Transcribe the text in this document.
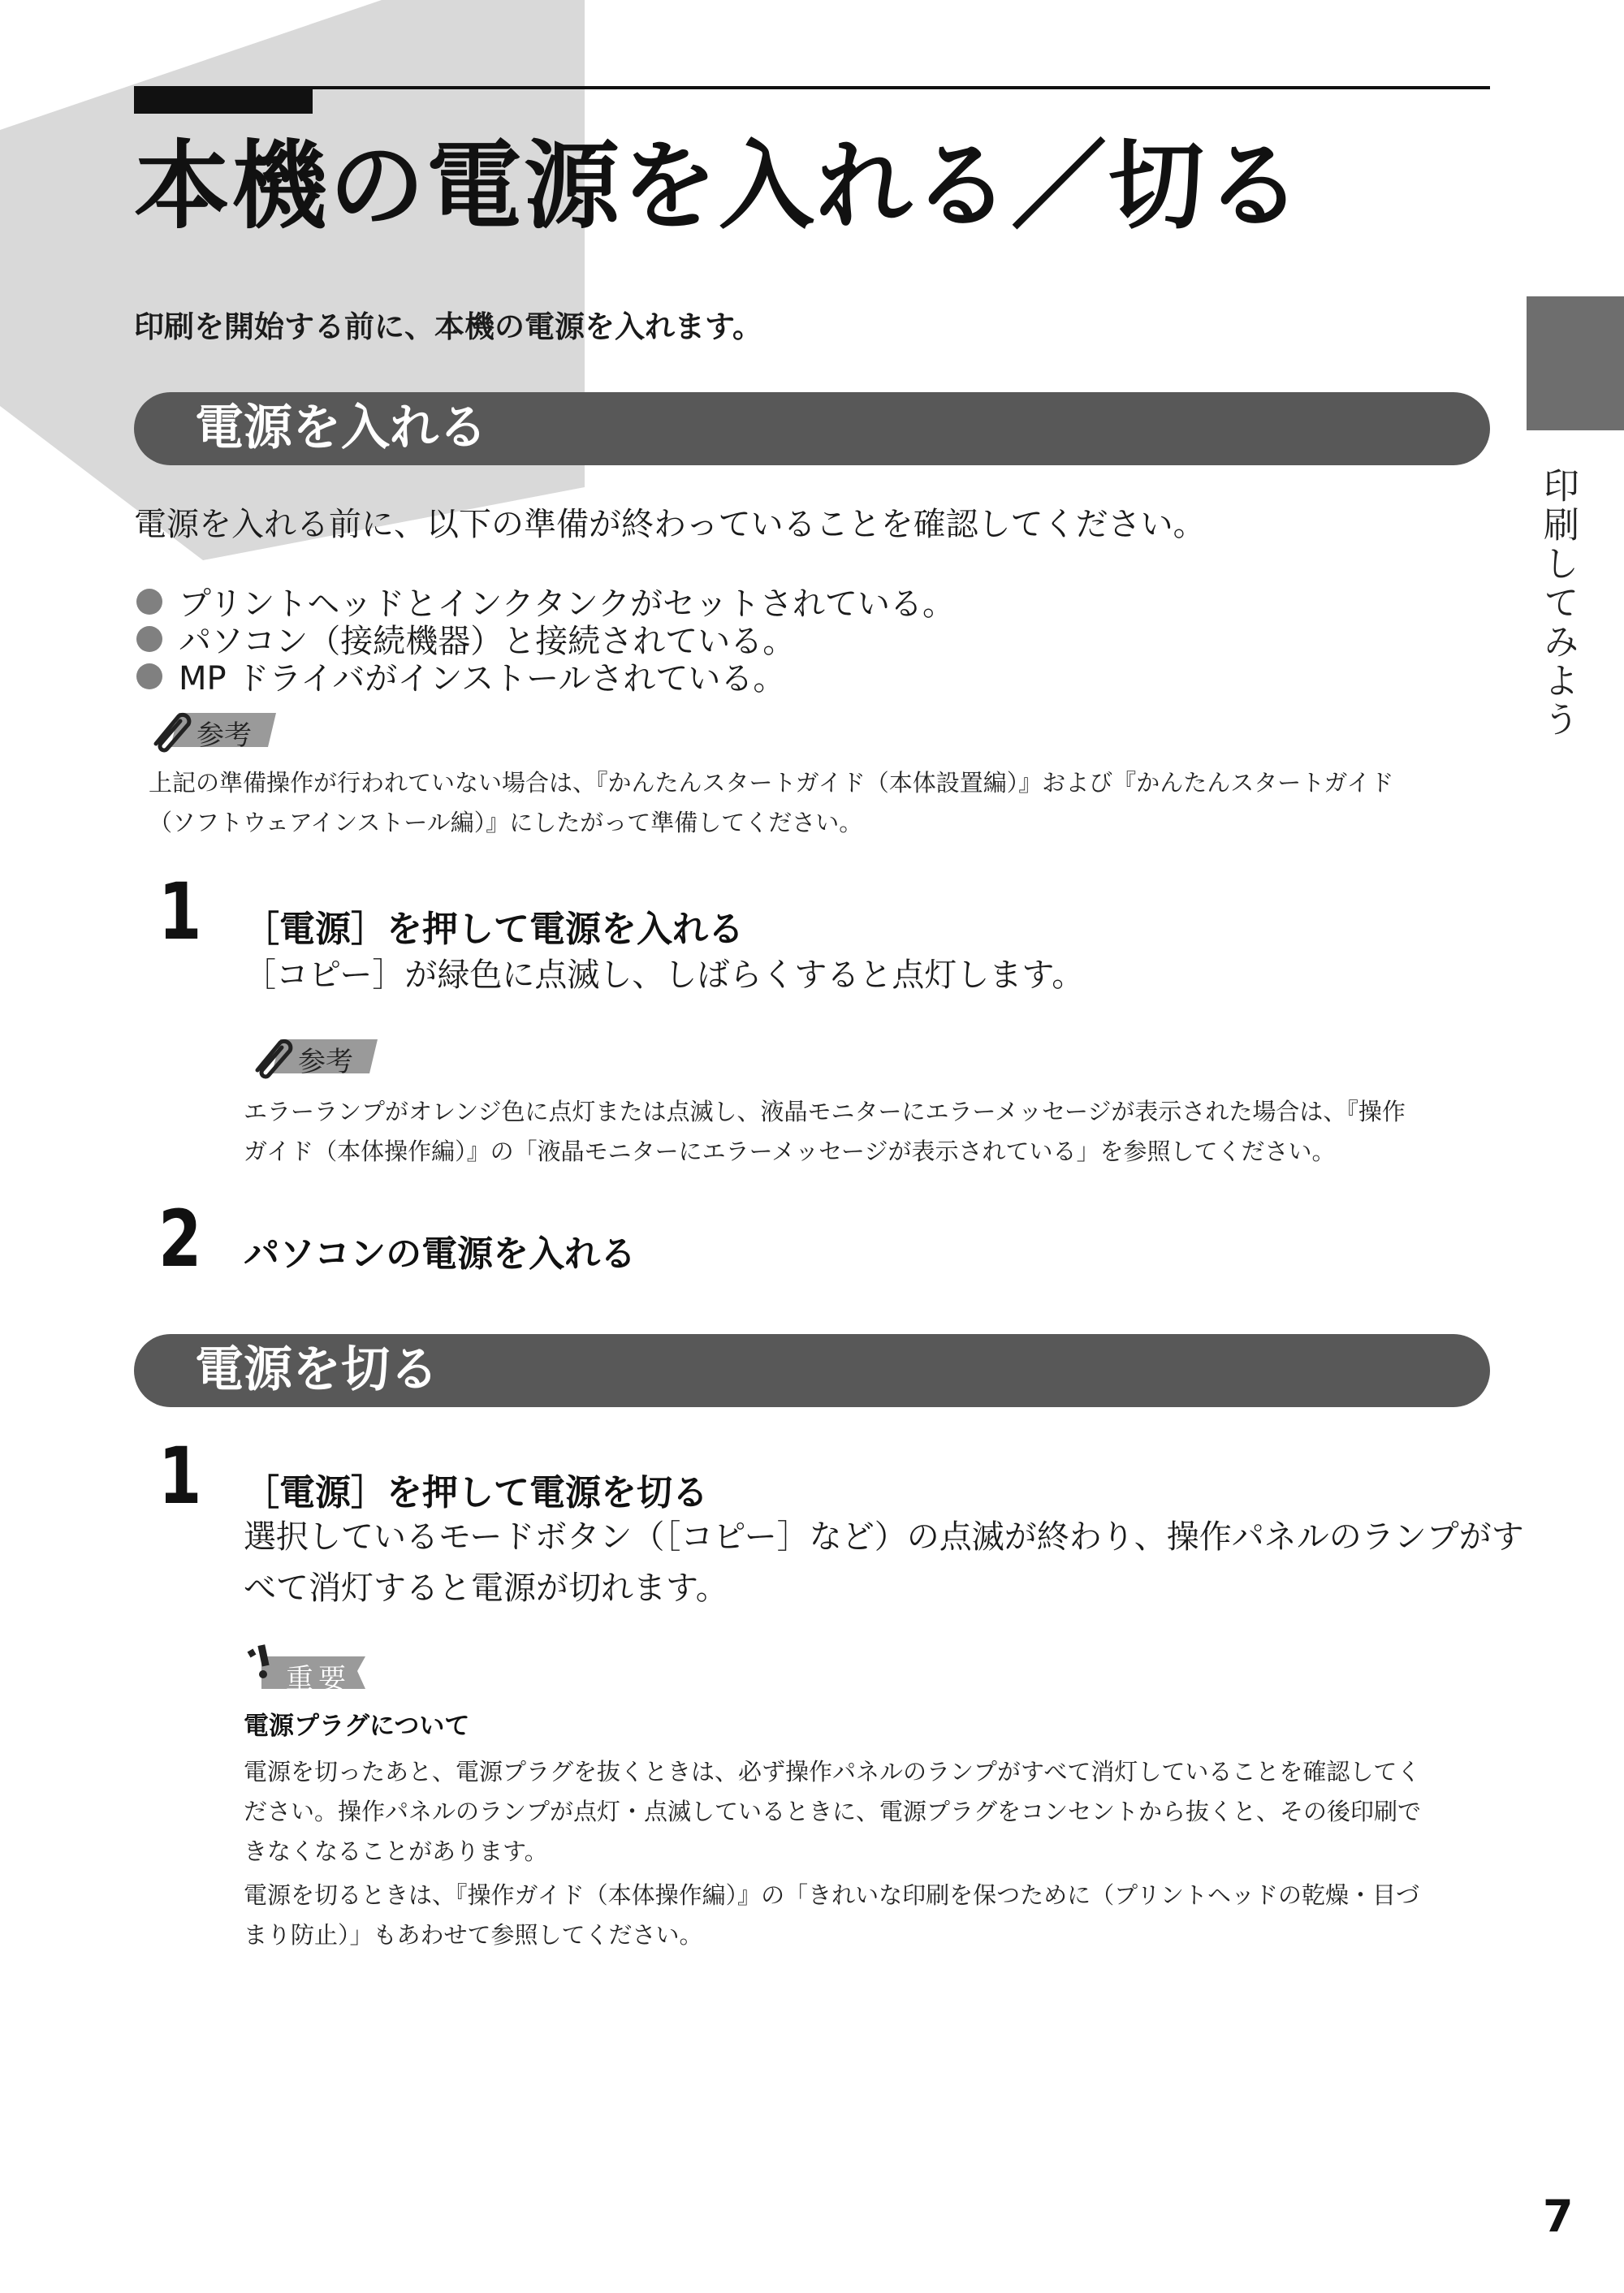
本機の電源を入れる／切る
印刷を開始する前に、本機の電源を入れます。
電源を入れる
電源を入れる前に、以下の準備が終わっていることを確認してください。
プリントヘッドとインクタンクがセットされている。
パソコン（接続機器）と接続されている。
MP ドライバがインストールされている。
参考
上記の準備操作が行われていない場合は、『かんたんスタートガイド（本体設置編）』および『かんたんスタートガイド
（ソフトウェアインストール編）』にしたがって準備してください。
1 ［電源］を押して電源を入れる
［コピー］が緑色に点滅し、しばらくすると点灯します。
参考
エラーランプがオレンジ色に点灯または点滅し、液晶モニターにエラーメッセージが表示された場合は、『操作
ガイド（本体操作編）』の「液晶モニターにエラーメッセージが表示されている」を参照してください。
2 パソコンの電源を入れる
電源を切る
1 ［電源］を押して電源を切る
選択しているモードボタン（［コピー］など）の点滅が終わり、操作パネルのランプがす
べて消灯すると電源が切れます。
重要
電源プラグについて
電源を切ったあと、電源プラグを抜くときは、必ず操作パネルのランプがすべて消灯していることを確認してく
ださい。操作パネルのランプが点灯・点滅しているときに、電源プラグをコンセントから抜くと、その後印刷で
きなくなることがあります。
電源を切るときは、『操作ガイド（本体操作編）』の「きれいな印刷を保つために（プリントヘッドの乾燥・目づ
まり防止）」もあわせて参照してください。
印刷してみよう
7
